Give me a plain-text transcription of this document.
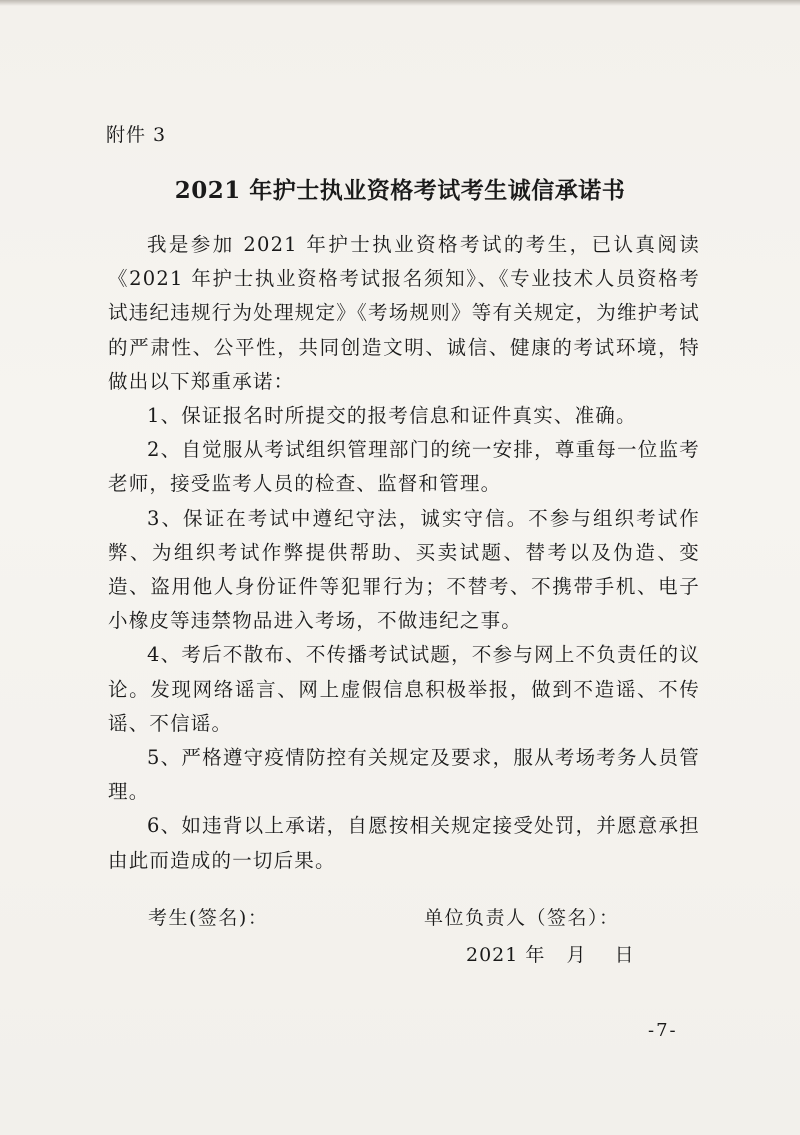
附件 3
2021 年护士执业资格考试考生诚信承诺书

我是参加 2021 年护士执业资格考试的考生，已认真阅读《2021 年护士执业资格考试报名须知》、《专业技术人员资格考试违纪违规行为处理规定》《考场规则》等有关规定，为维护考试的严肃性、公平性，共同创造文明、诚信、健康的考试环境，特做出以下郑重承诺：

1、保证报名时所提交的报考信息和证件真实、准确。

2、自觉服从考试组织管理部门的统一安排，尊重每一位监考老师，接受监考人员的检查、监督和管理。

3、保证在考试中遵纪守法，诚实守信。不参与组织考试作弊、为组织考试作弊提供帮助、买卖试题、替考以及伪造、变造、盗用他人身份证件等犯罪行为；不替考、不携带手机、电子小橡皮等违禁物品进入考场，不做违纪之事。

4、考后不散布、不传播考试试题，不参与网上不负责任的议论。发现网络谣言、网上虚假信息积极举报，做到不造谣、不传谣、不信谣。

5、严格遵守疫情防控有关规定及要求，服从考场考务人员管理。

6、如违背以上承诺，自愿按相关规定接受处罚，并愿意承担由此而造成的一切后果。

考生(签名)：	单位负责人（签名）：
2021 年   月    日
-7-
